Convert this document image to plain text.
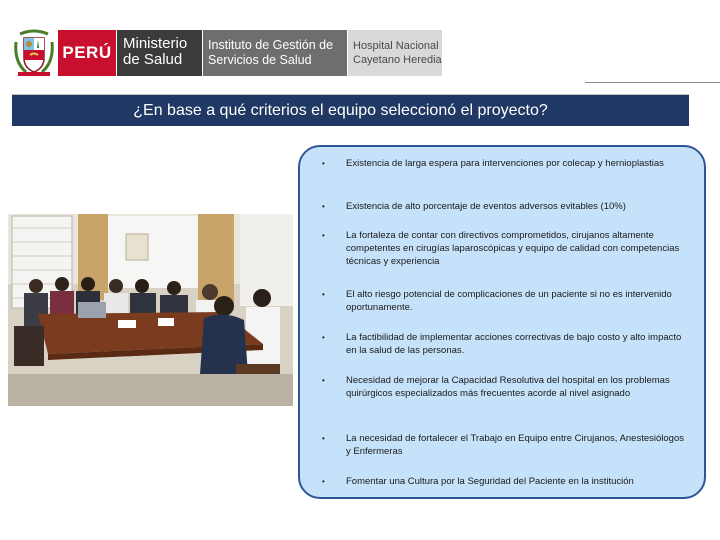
PERÚ Ministerio de Salud
Instituto de Gestión de Servicios de Salud
Hospital Nacional Cayetano Heredia
¿En base a qué criterios el equipo seleccionó el proyecto?
• Existencia de larga espera para intervenciones por colecap y hernioplastias
• Existencia de alto porcentaje de eventos adversos evitables (10%)
• La fortaleza de contar con directivos comprometidos, cirujanos altamente competentes en cirugías laparoscópicas y equipo de calidad con competencias técnicas y experiencia
• El alto riesgo potencial de complicaciones de un paciente si no es intervenido oportunamente.
• La factibilidad de implementar acciones correctivas de bajo costo y alto impacto en la salud de las personas.
• Necesidad de mejorar la Capacidad Resolutiva del hospital en los problemas quirúrgicos especializados más frecuentes acorde al nivel asignado
• La necesidad de fortalecer el Trabajo en Equipo entre Cirujanos, Anestesiólogos y Enfermeras
• Fomentar una Cultura por la Seguridad del Paciente en la institución
